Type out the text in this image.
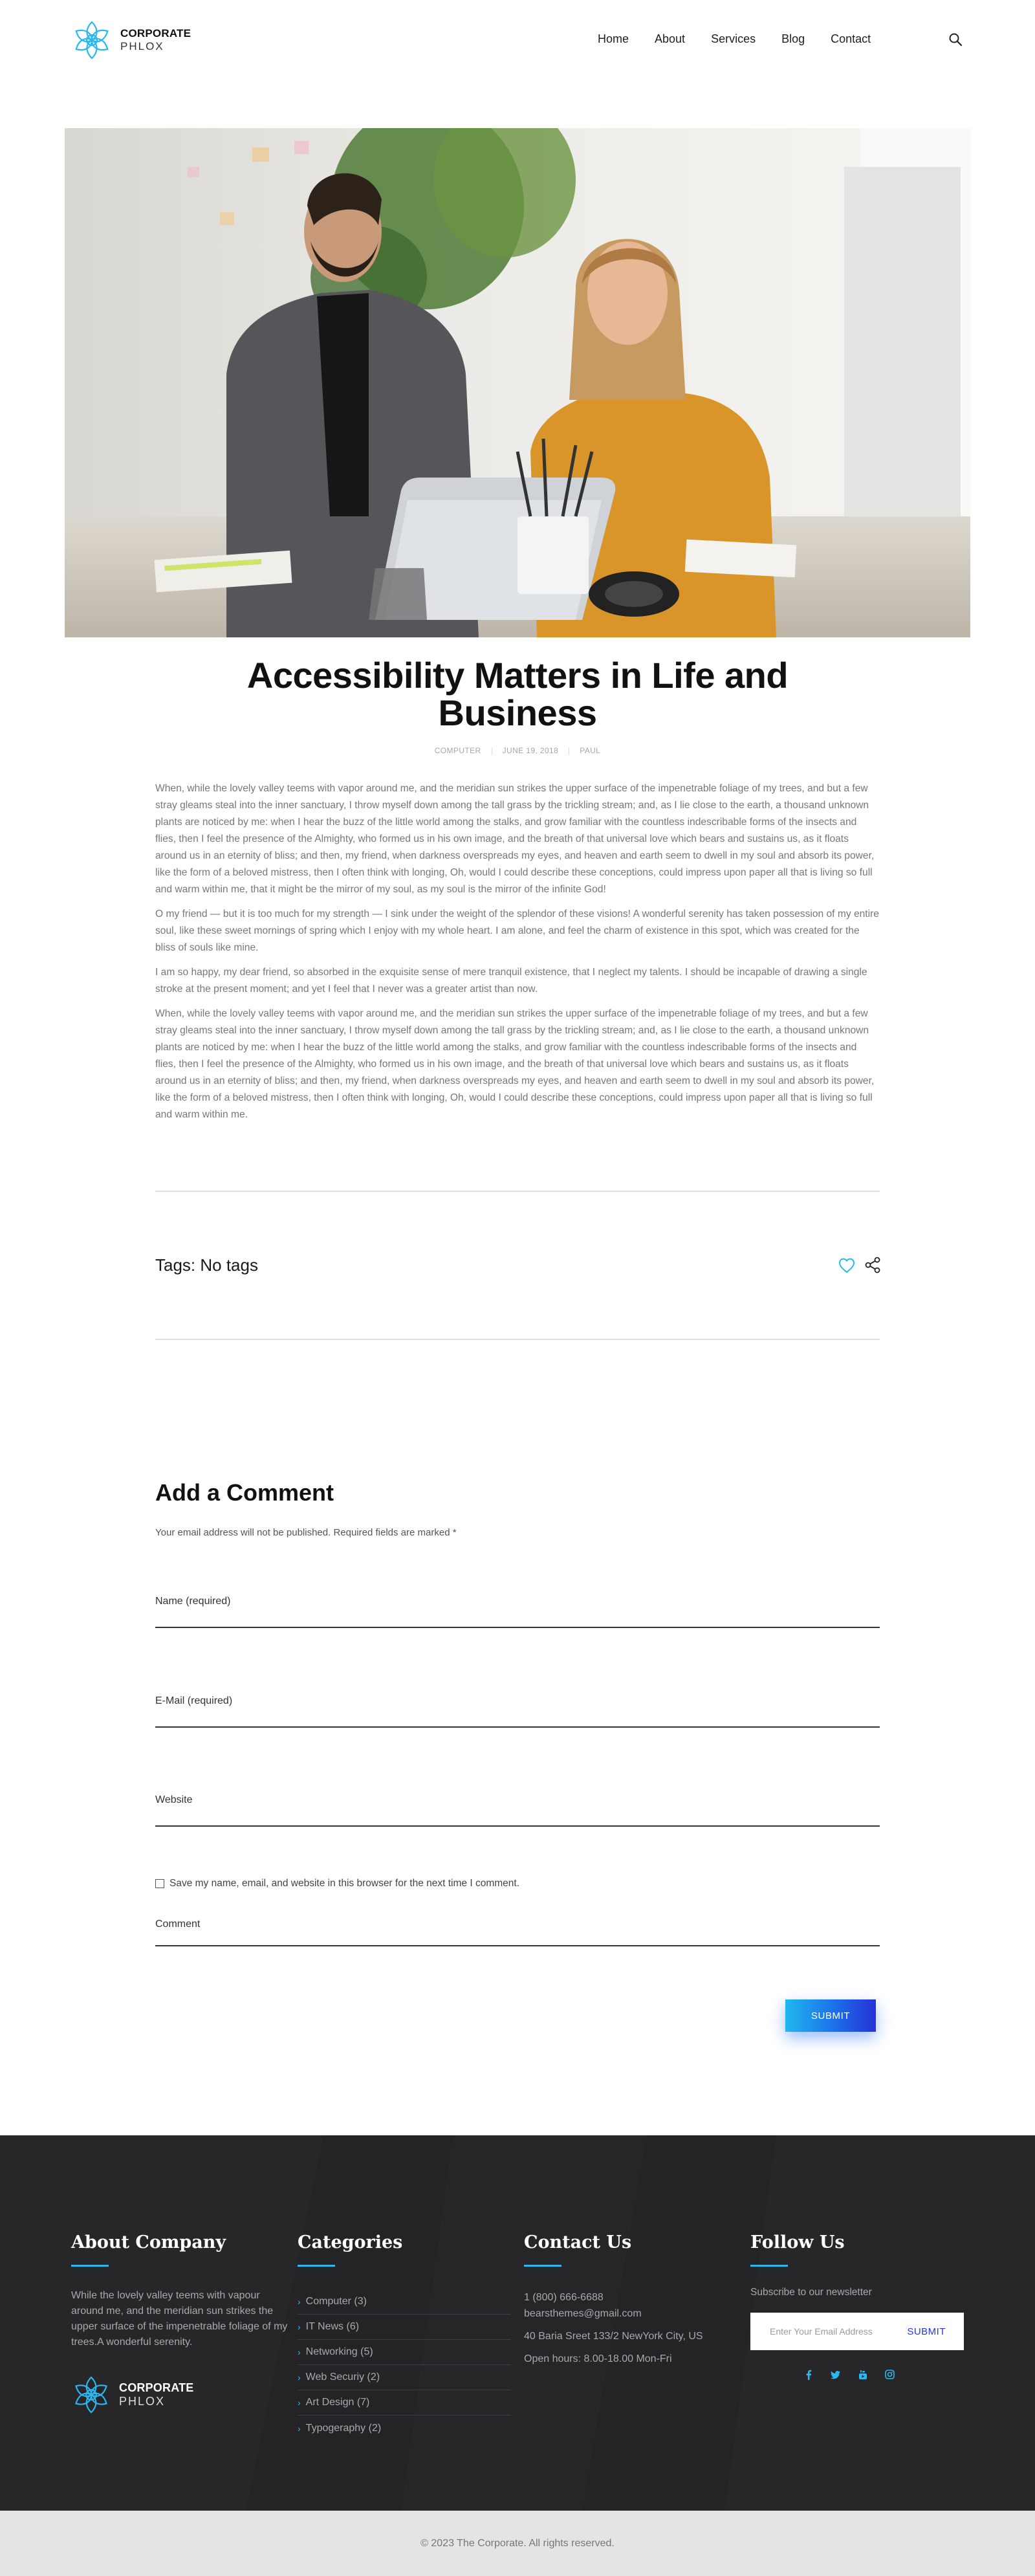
CORPORATE
PHLOX
Home About Services Blog Contact
Accessibility Matters in Life and Business
COMPUTER	JUNE 19, 2018	PAUL

When, while the lovely valley teems with vapor around me, and the meridian sun strikes the upper surface of the impenetrable foliage of my trees, and but a few stray gleams steal into the inner sanctuary, I throw myself down among the tall grass by the trickling stream; and, as I lie close to the earth, a thousand unknown plants are noticed by me: when I hear the buzz of the little world among the stalks, and grow familiar with the countless indescribable forms of the insects and flies, then I feel the presence of the Almighty, who formed us in his own image, and the breath of that universal love which bears and sustains us, as it floats around us in an eternity of bliss; and then, my friend, when darkness overspreads my eyes, and heaven and earth seem to dwell in my soul and absorb its power, like the form of a beloved mistress, then I often think with longing, Oh, would I could describe these conceptions, could impress upon paper all that is living so full and warm within me, that it might be the mirror of my soul, as my soul is the mirror of the infinite God!

O my friend — but it is too much for my strength — I sink under the weight of the splendor of these visions! A wonderful serenity has taken possession of my entire soul, like these sweet mornings of spring which I enjoy with my whole heart. I am alone, and feel the charm of existence in this spot, which was created for the bliss of souls like mine.

I am so happy, my dear friend, so absorbed in the exquisite sense of mere tranquil existence, that I neglect my talents. I should be incapable of drawing a single stroke at the present moment; and yet I feel that I never was a greater artist than now.

When, while the lovely valley teems with vapor around me, and the meridian sun strikes the upper surface of the impenetrable foliage of my trees, and but a few stray gleams steal into the inner sanctuary, I throw myself down among the tall grass by the trickling stream; and, as I lie close to the earth, a thousand unknown plants are noticed by me: when I hear the buzz of the little world among the stalks, and grow familiar with the countless indescribable forms of the insects and flies, then I feel the presence of the Almighty, who formed us in his own image, and the breath of that universal love which bears and sustains us, as it floats around us in an eternity of bliss; and then, my friend, when darkness overspreads my eyes, and heaven and earth seem to dwell in my soul and absorb its power, like the form of a beloved mistress, then I often think with longing, Oh, would I could describe these conceptions, could impress upon paper all that is living so full and warm within me.

Tags: No tags
Add a Comment
Your email address will not be published. Required fields are marked *
Name (required)
E-Mail (required)
Website
Save my name, email, and website in this browser for the next time I comment.
Comment
SUBMIT
About Company
While the lovely valley teems with vapour around me, and the meridian sun strikes the upper surface of the impenetrable foliage of my trees.A wonderful serenity.
CORPORATE
PHLOX
Categories
› Computer (3)
› IT News (6)
› Networking (5)
› Web Securiy (2)
› Art Design (7)
› Typogeraphy (2)
Contact Us
1 (800) 666-6688
bearsthemes@gmail.com
40 Baria Sreet 133/2 NewYork City, US
Open hours: 8.00-18.00 Mon-Fri
Follow Us
Subscribe to our newsletter
Enter Your Email Address
SUBMIT
© 2023 The Corporate. All rights reserved.
